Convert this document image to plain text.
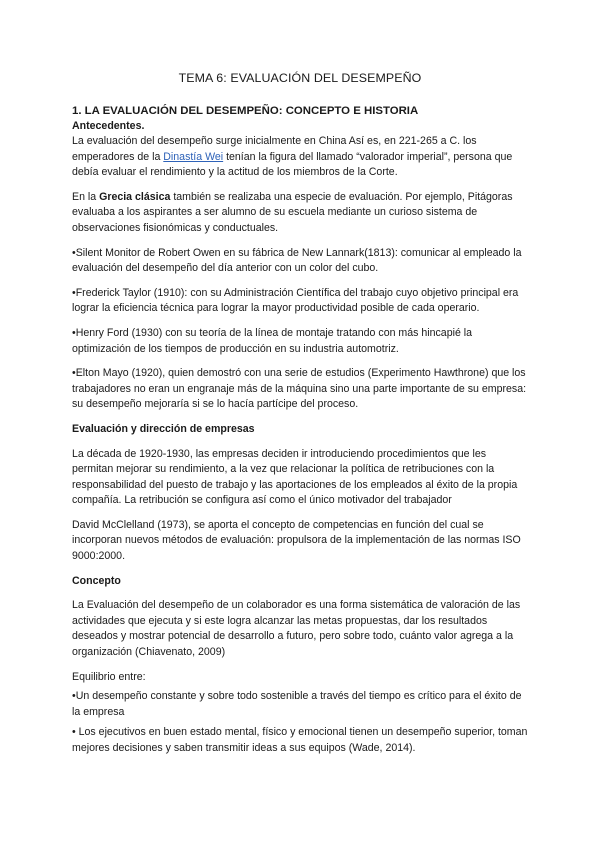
TEMA 6: EVALUACIÓN DEL DESEMPEÑO
1. LA EVALUACIÓN DEL DESEMPEÑO: CONCEPTO E HISTORIA
Antecedentes.

La evaluación del desempeño surge inicialmente en China Así es, en 221-265 a C. los emperadores de la Dinastía Wei tenían la figura del llamado “valorador imperial”, persona que debía evaluar el rendimiento y la actitud de los miembros de la Corte.

En la Grecia clásica también se realizaba una especie de evaluación. Por ejemplo, Pitágoras evaluaba a los aspirantes a ser alumno de su escuela mediante un curioso sistema de observaciones fisionómicas y conductuales.

•Silent Monitor de Robert Owen en su fábrica de New Lannark(1813): comunicar al empleado la evaluación del desempeño del día anterior con un color del cubo.

•Frederick Taylor (1910): con su Administración Científica del trabajo cuyo objetivo principal era lograr la eficiencia técnica para lograr la mayor productividad posible de cada operario.

•Henry Ford (1930) con su teoría de la línea de montaje tratando con más hincapié la optimización de los tiempos de producción en su industria automotriz.

•Elton Mayo (1920), quien demostró con una serie de estudios (Experimento Hawthrone) que los trabajadores no eran un engranaje más de la máquina sino una parte importante de su empresa: su desempeño mejoraría si se lo hacía partícipe del proceso.

Evaluación y dirección de empresas

La década de 1920-1930, las empresas deciden ir introduciendo procedimientos que les permitan mejorar su rendimiento, a la vez que relacionar la política de retribuciones con la responsabilidad del puesto de trabajo y las aportaciones de los empleados al éxito de la propia compañía. La retribución se configura así como el único motivador del trabajador

David McClelland (1973), se aporta el concepto de competencias en función del cual se incorporan nuevos métodos de evaluación: propulsora de la implementación de las normas ISO 9000:2000.

Concepto

La Evaluación del desempeño de un colaborador es una forma sistemática de valoración de las actividades que ejecuta y si este logra alcanzar las metas propuestas, dar los resultados deseados y mostrar potencial de desarrollo a futuro, pero sobre todo, cuánto valor agrega a la organización (Chiavenato, 2009)

Equilibrio entre:
•Un desempeño constante y sobre todo sostenible a través del tiempo es crítico para el éxito de la empresa
• Los ejecutivos en buen estado mental, físico y emocional tienen un desempeño superior, toman mejores decisiones y saben transmitir ideas a sus equipos (Wade, 2014).
